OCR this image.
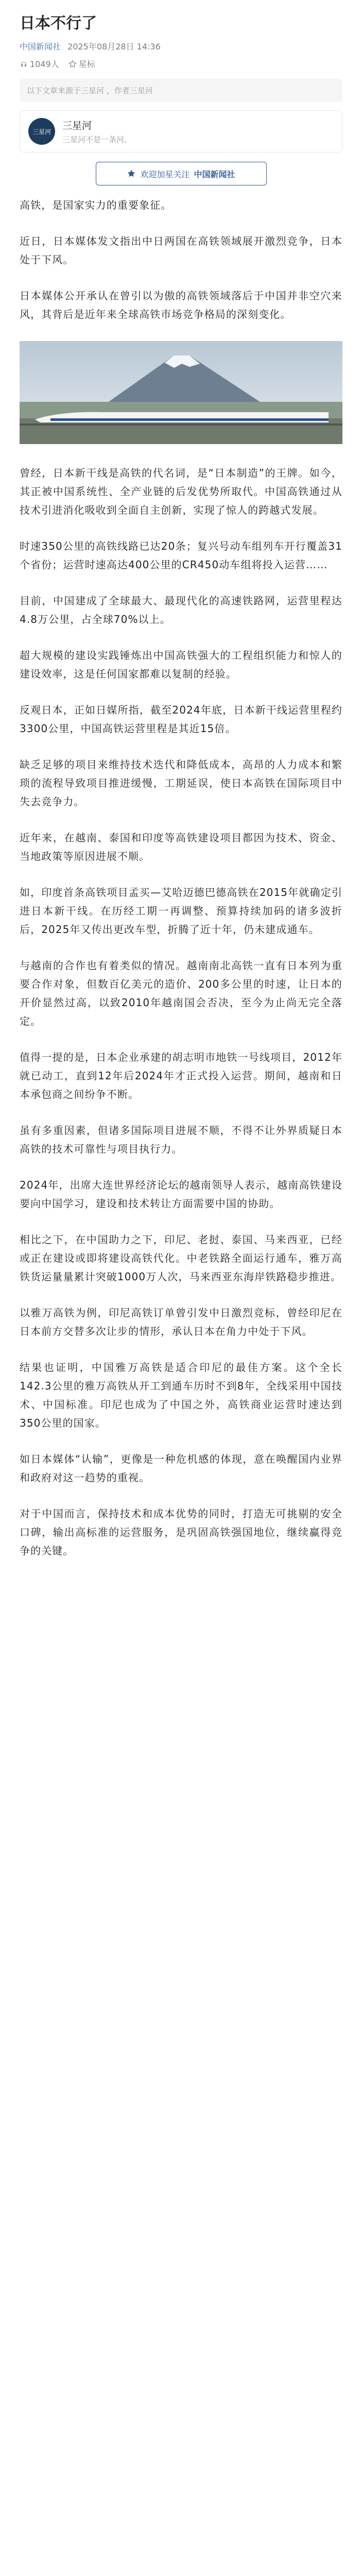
日本不行了
中国新闻社 2025年08月28日 14:36
1049人	星标
以下文章来源于三星河 ，作者三星河
三星河
三星河
三星河不是一条河。
欢迎加星关注 中国新闻社

高铁，是国家实力的重要象征。

近日，日本媒体发文指出中日两国在高铁领域展开激烈竞争，日本处于下风。

日本媒体公开承认在曾引以为傲的高铁领域落后于中国并非空穴来风，其背后是近年来全球高铁市场竞争格局的深刻变化。

曾经，日本新干线是高铁的代名词，是“日本制造”的王牌。如今，其正被中国系统性、全产业链的后发优势所取代。中国高铁通过从技术引进消化吸收到全面自主创新，实现了惊人的跨越式发展。

时速350公里的高铁线路已达20条；复兴号动车组列车开行覆盖31个省份；运营时速高达400公里的CR450动车组将投入运营……

目前，中国建成了全球最大、最现代化的高速铁路网，运营里程达4.8万公里，占全球70%以上。

超大规模的建设实践锤炼出中国高铁强大的工程组织能力和惊人的建设效率，这是任何国家都难以复制的经验。

反观日本，正如日媒所指，截至2024年底，日本新干线运营里程约3300公里，中国高铁运营里程是其近15倍。

缺乏足够的项目来维持技术迭代和降低成本，高昂的人力成本和繁琐的流程导致项目推进缓慢，工期延误，使日本高铁在国际项目中失去竞争力。

近年来，在越南、泰国和印度等高铁建设项目都因为技术、资金、当地政策等原因进展不顺。

如，印度首条高铁项目孟买—艾哈迈德巴德高铁在2015年就确定引进日本新干线。在历经工期一再调整、预算持续加码的诸多波折后，2025年又传出更改车型，折腾了近十年，仍未建成通车。

与越南的合作也有着类似的情况。越南南北高铁一直有日本列为重要合作对象，但数百亿美元的造价、200多公里的时速，让日本的开价显然过高，以致2010年越南国会否决，至今为止尚无完全落定。

值得一提的是，日本企业承建的胡志明市地铁一号线项目，2012年就已动工，直到12年后2024年才正式投入运营。期间，越南和日本承包商之间纷争不断。

虽有多重因素，但诸多国际项目进展不顺，不得不让外界质疑日本高铁的技术可靠性与项目执行力。

2024年，出席大连世界经济论坛的越南领导人表示，越南高铁建设要向中国学习，建设和技术转让方面需要中国的协助。

相比之下，在中国助力之下，印尼、老挝、泰国、马来西亚，已经或正在建设或即将建设高铁代化。中老铁路全面运行通车，雅万高铁货运量量累计突破1000万人次，马来西亚东海岸铁路稳步推进。

以雅万高铁为例，印尼高铁订单曾引发中日激烈竞标，曾经印尼在日本前方交替多次让步的情形，承认日本在角力中处于下风。

结果也证明，中国雅万高铁是适合印尼的最佳方案。这个全长142.3公里的雅万高铁从开工到通车历时不到8年，全线采用中国技术、中国标准。印尼也成为了中国之外，高铁商业运营时速达到350公里的国家。

如日本媒体“认输”，更像是一种危机感的体现，意在唤醒国内业界和政府对这一趋势的重视。

对于中国而言，保持技术和成本优势的同时，打造无可挑剔的安全口碑，输出高标准的运营服务，是巩固高铁强国地位，继续赢得竞争的关键。
